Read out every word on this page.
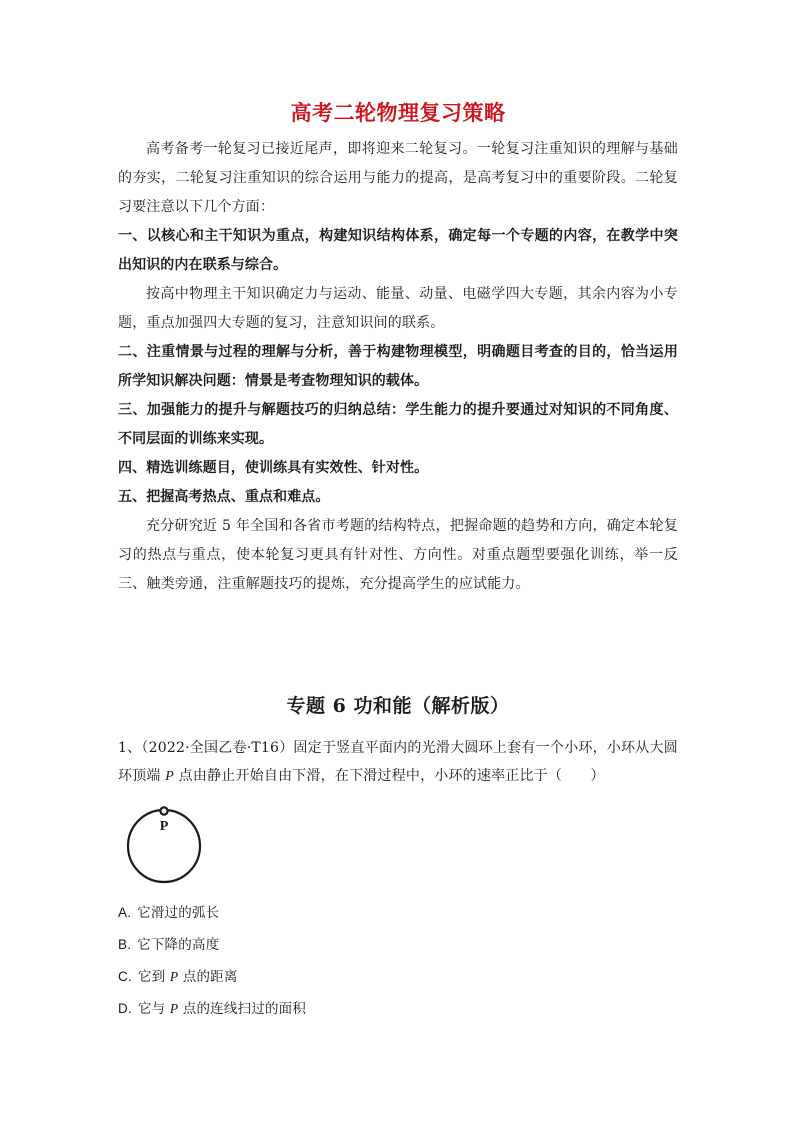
高考二轮物理复习策略

高考备考一轮复习已接近尾声，即将迎来二轮复习。一轮复习注重知识的理解与基础的夯实，二轮复习注重知识的综合运用与能力的提高，是高考复习中的重要阶段。二轮复习要注意以下几个方面：

一、以核心和主干知识为重点，构建知识结构体系，确定每一个专题的内容，在教学中突出知识的内在联系与综合。

按高中物理主干知识确定力与运动、能量、动量、电磁学四大专题，其余内容为小专题，重点加强四大专题的复习，注意知识间的联系。

二、注重情景与过程的理解与分析，善于构建物理模型，明确题目考查的目的，恰当运用所学知识解决问题：情景是考查物理知识的载体。

三、加强能力的提升与解题技巧的归纳总结：学生能力的提升要通过对知识的不同角度、不同层面的训练来实现。

四、精选训练题目，使训练具有实效性、针对性。

五、把握高考热点、重点和难点。

充分研究近 5 年全国和各省市考题的结构特点，把握命题的趋势和方向，确定本轮复习的热点与重点，使本轮复习更具有针对性、方向性。对重点题型要强化训练，举一反三、触类旁通，注重解题技巧的提炼，充分提高学生的应试能力。

专题 6 功和能（解析版）

1、（2022·全国乙卷·T16）固定于竖直平面内的光滑大圆环上套有一个小环，小环从大圆环顶端 P 点由静止开始自由下滑，在下滑过程中，小环的速率正比于（　　）

P

A. 它滑过的弧长

B. 它下降的高度

C. 它到 P 点的距离

D. 它与 P 点的连线扫过的面积
